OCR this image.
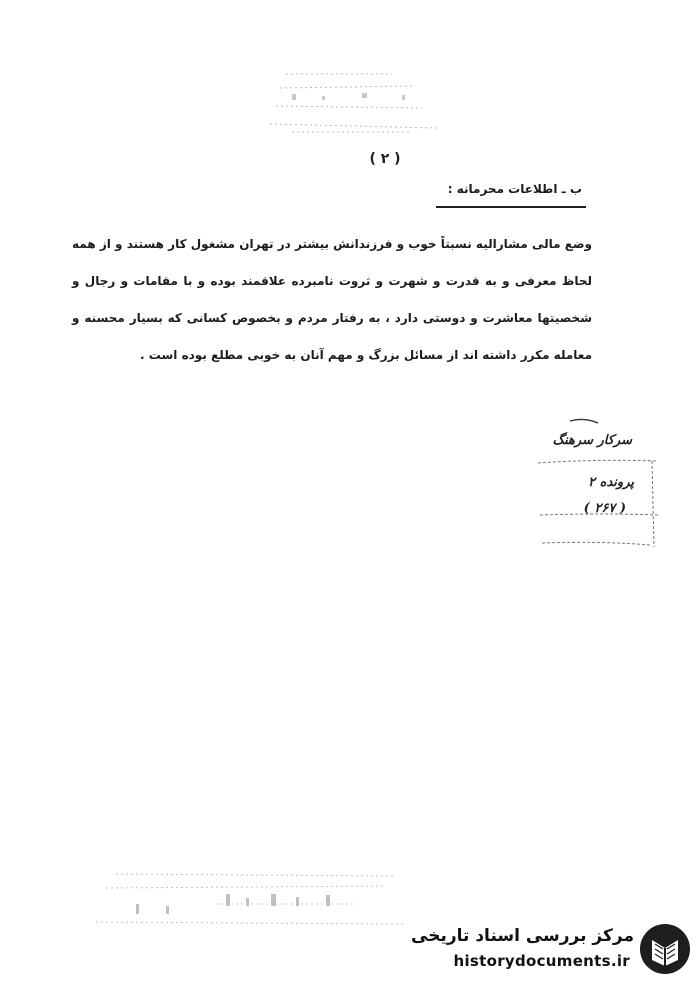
( ۲ )
ب ـ اطلاعات محرمانه :
وضع مالی مشارالیه نسبتاً خوب و فرزندانش بیشتر در تهران مشغول کار هستند و از همه لحاظ معرفی و به قدرت و شهرت و ثروت نامبرده علاقمند بوده و با مقامات و رجال و شخصیتها معاشرت و دوستی دارد ، به رفتار مردم و بخصوص کسانی که بسیار محسنه و معامله مکرر داشته اند از مسائل بزرگ و مهم آنان به خوبی مطلع بوده است .
سرکار سرهنگ
پرونده ۲
( ۲۶۷ )
مرکز بررسی اسناد تاریخی
historydocuments.ir
